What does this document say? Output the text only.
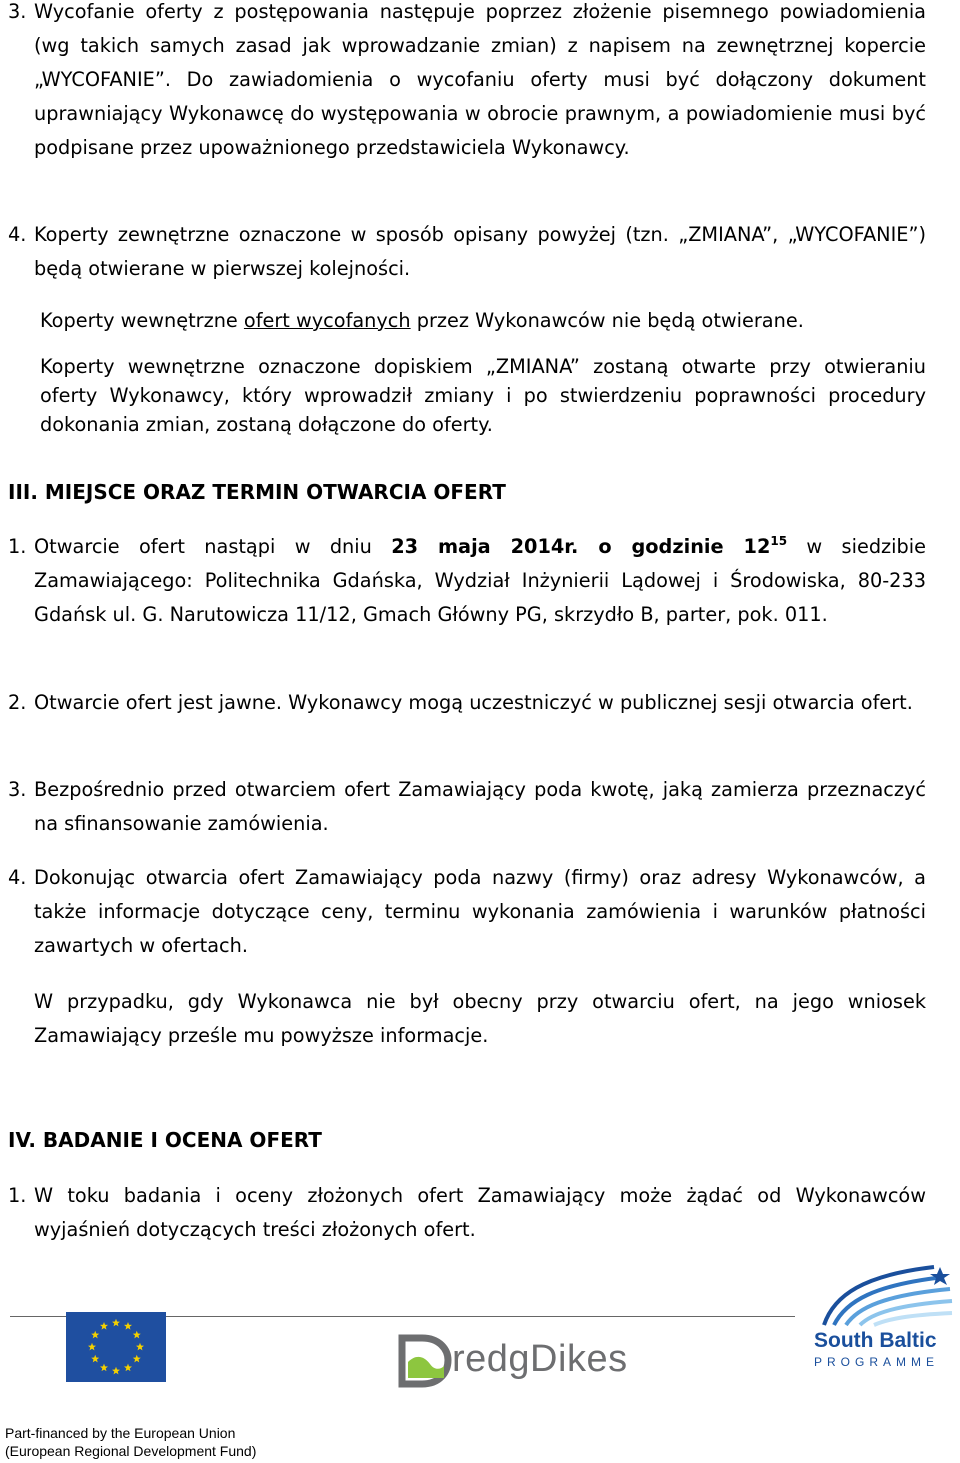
3. Wycofanie oferty z postępowania następuje poprzez złożenie pisemnego powiadomienia (wg takich samych zasad jak wprowadzanie zmian) z napisem na zewnętrznej kopercie „WYCOFANIE”. Do zawiadomienia o wycofaniu oferty musi być dołączony dokument uprawniający Wykonawcę do występowania w obrocie prawnym, a powiadomienie musi być podpisane przez upoważnionego przedstawiciela Wykonawcy.
4. Koperty zewnętrzne oznaczone w sposób opisany powyżej (tzn. „ZMIANA”, „WYCOFANIE”) będą otwierane w pierwszej kolejności.
Koperty wewnętrzne ofert wycofanych przez Wykonawców nie będą otwierane.
Koperty wewnętrzne oznaczone dopiskiem „ZMIANA” zostaną otwarte przy otwieraniu oferty Wykonawcy, który wprowadził zmiany i po stwierdzeniu poprawności procedury dokonania zmian, zostaną dołączone do oferty.
III. MIEJSCE ORAZ TERMIN OTWARCIA OFERT
1. Otwarcie ofert nastąpi w dniu 23 maja 2014r. o godzinie $12^{15}$ w siedzibie Zamawiającego: Politechnika Gdańska, Wydział Inżynierii Lądowej i Środowiska, 80-233 Gdańsk ul. G. Narutowicza 11/12, Gmach Główny PG, skrzydło B, parter, pok. 011.
2. Otwarcie ofert jest jawne. Wykonawcy mogą uczestniczyć w publicznej sesji otwarcia ofert.
3. Bezpośrednio przed otwarciem ofert Zamawiający poda kwotę, jaką zamierza przeznaczyć na sfinansowanie zamówienia.
4. Dokonując otwarcia ofert Zamawiający poda nazwy (firmy) oraz adresy Wykonawców, a także informacje dotyczące ceny, terminu wykonania zamówienia i warunków płatności zawartych w ofertach.
W przypadku, gdy Wykonawca nie był obecny przy otwarciu ofert, na jego wniosek Zamawiający prześle mu powyższe informacje.
IV. BADANIE I OCENA OFERT
1. W toku badania i oceny złożonych ofert Zamawiający może żądać od Wykonawców wyjaśnień dotyczących treści złożonych ofert.
redgDikes	South Baltic
PROGRAMME
Part-financed by the European Union
(European Regional Development Fund)
